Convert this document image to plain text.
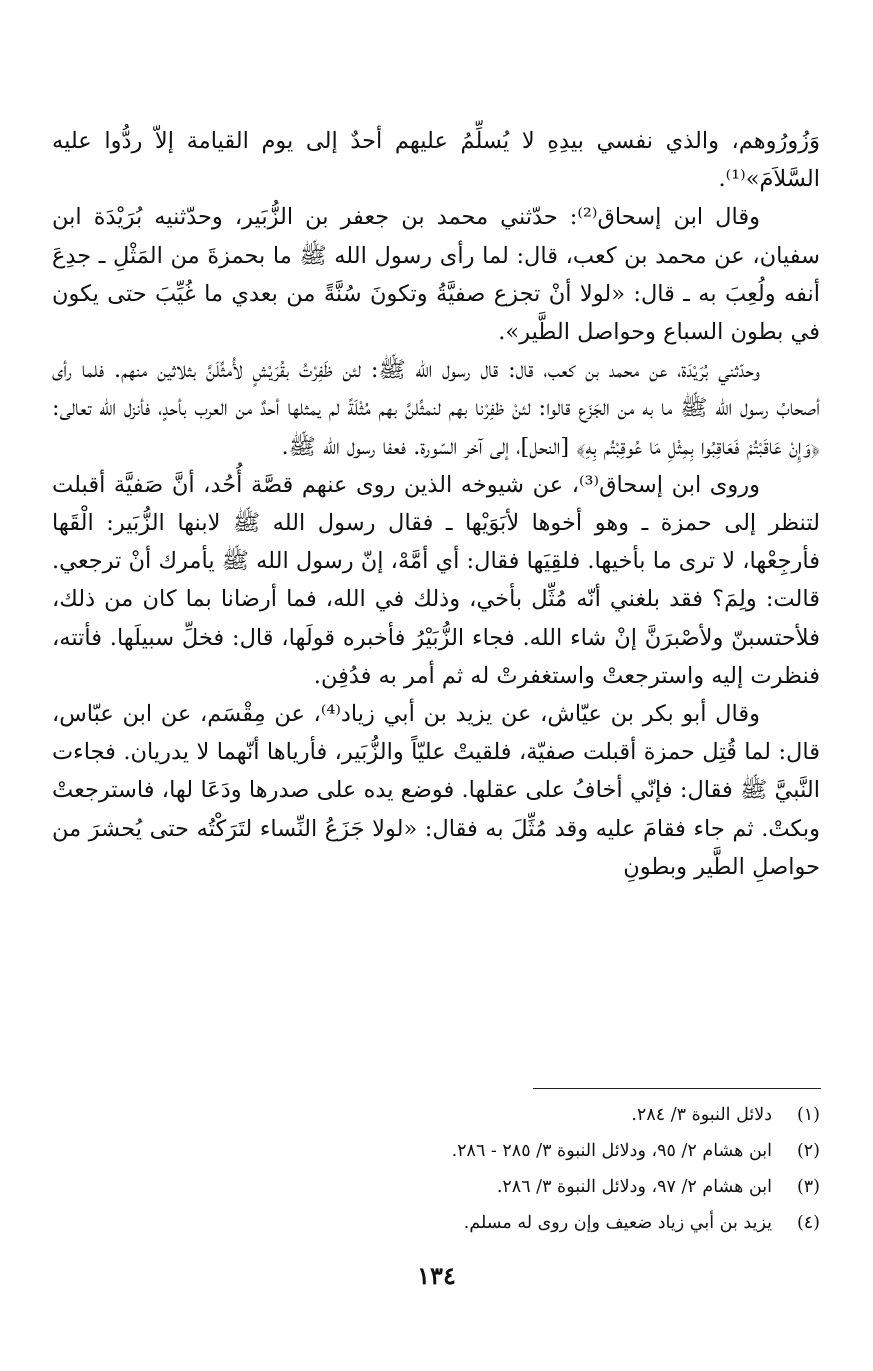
وَزُورُوهم، والذي نفسي بيدِهِ لا يُسلِّمُ عليهم أحدٌ إلى يوم القيامة إلاّ ردُّوا عليه السَّلاَمَ»⁽¹⁾.

وقال ابن إسحاق⁽²⁾: حدّثني محمد بن جعفر بن الزُّبَير، وحدّثنيه بُرَيْدَة ابن سفيان، عن محمد بن كعب، قال: لما رأى رسول الله ﷺ ما بحمزةَ من المَثْلِ ـ جدِعَ أنفه ولُعِبَ به ـ قال: «لولا أنْ تجزع صفيَّةُ وتكونَ سُنَّةً من بعدي ما غُيِّبَ حتى يكون في بطون السباع وحواصل الطَّير».

وحدّثني بُرَيْدَة، عن محمد بن كعب، قال: قال رسول الله ﷺ: لئن ظَفِرْتُ بقُرَيْشٍ لأُمثِّلَنَّ بثلاثين منهم. فلما رأى أصحابُ رسول الله ﷺ ما به من الجَزَع قالوا: لئنْ ظفِرْنا بهم لنمثِّلنَّ بهم مُثْلَةً لم يمثلها أحدٌ من العرب بأحدٍ، فأنزل الله تعالى: ﴿وَإِنْ عَاقَبْتُمْ فَعَاقِبُوا بِمِثْلِ مَا عُوقِبْتُم بِهِ﴾ [النحل]، إلى آخر السّورة. فعفا رسول الله ﷺ.

وروى ابن إسحاق⁽³⁾، عن شيوخه الذين روى عنهم قصَّة أُحُد، أنَّ صَفيَّة أقبلت لتنظر إلى حمزة ـ وهو أخوها لأبَوَيْها ـ فقال رسول الله ﷺ لابنها الزُّبَير: الْقَها فأرجِعْها، لا ترى ما بأخيها. فلقِيَها فقال: أي أمَّهْ، إنّ رسول الله ﷺ يأمرك أنْ ترجعي. قالت: ولِمَ؟ فقد بلغني أنّه مُثِّل بأخي، وذلك في الله، فما أرضانا بما كان من ذلك، فلأحتسبنّ ولأصْبرَنَّ إنْ شاء الله. فجاء الزُّبَيْرُ فأخبره قولَها، قال: فخلِّ سبيلَها. فأتته، فنظرت إليه واسترجعتْ واستغفرتْ له ثم أمر به فدُفِن.

وقال أبو بكر بن عيّاش، عن يزيد بن أبي زياد⁽⁴⁾، عن مِقْسَم، عن ابن عبّاس، قال: لما قُتِل حمزة أقبلت صفيّة، فلقيتْ عليّاً والزُّبَير، فأرياها أنّهما لا يدريان. فجاءت النَّبيَّ ﷺ فقال: فإنّي أخافُ على عقلها. فوضع يده على صدرها ودَعَا لها، فاسترجعتْ وبكتْ. ثم جاء فقامَ عليه وقد مُثِّلَ به فقال: «لولا جَزَعُ النِّساء لتَرَكْتُه حتى يُحشرَ من حواصلِ الطَّير وبطونِ

(١)
دلائل النبوة ٣/ ٢٨٤.
(٢)
ابن هشام ٢/ ٩٥، ودلائل النبوة ٣/ ٢٨٥ - ٢٨٦.
(٣)
ابن هشام ٢/ ٩٧، ودلائل النبوة ٣/ ٢٨٦.
(٤)
يزيد بن أبي زياد ضعيف وإن روى له مسلم.
١٣٤
